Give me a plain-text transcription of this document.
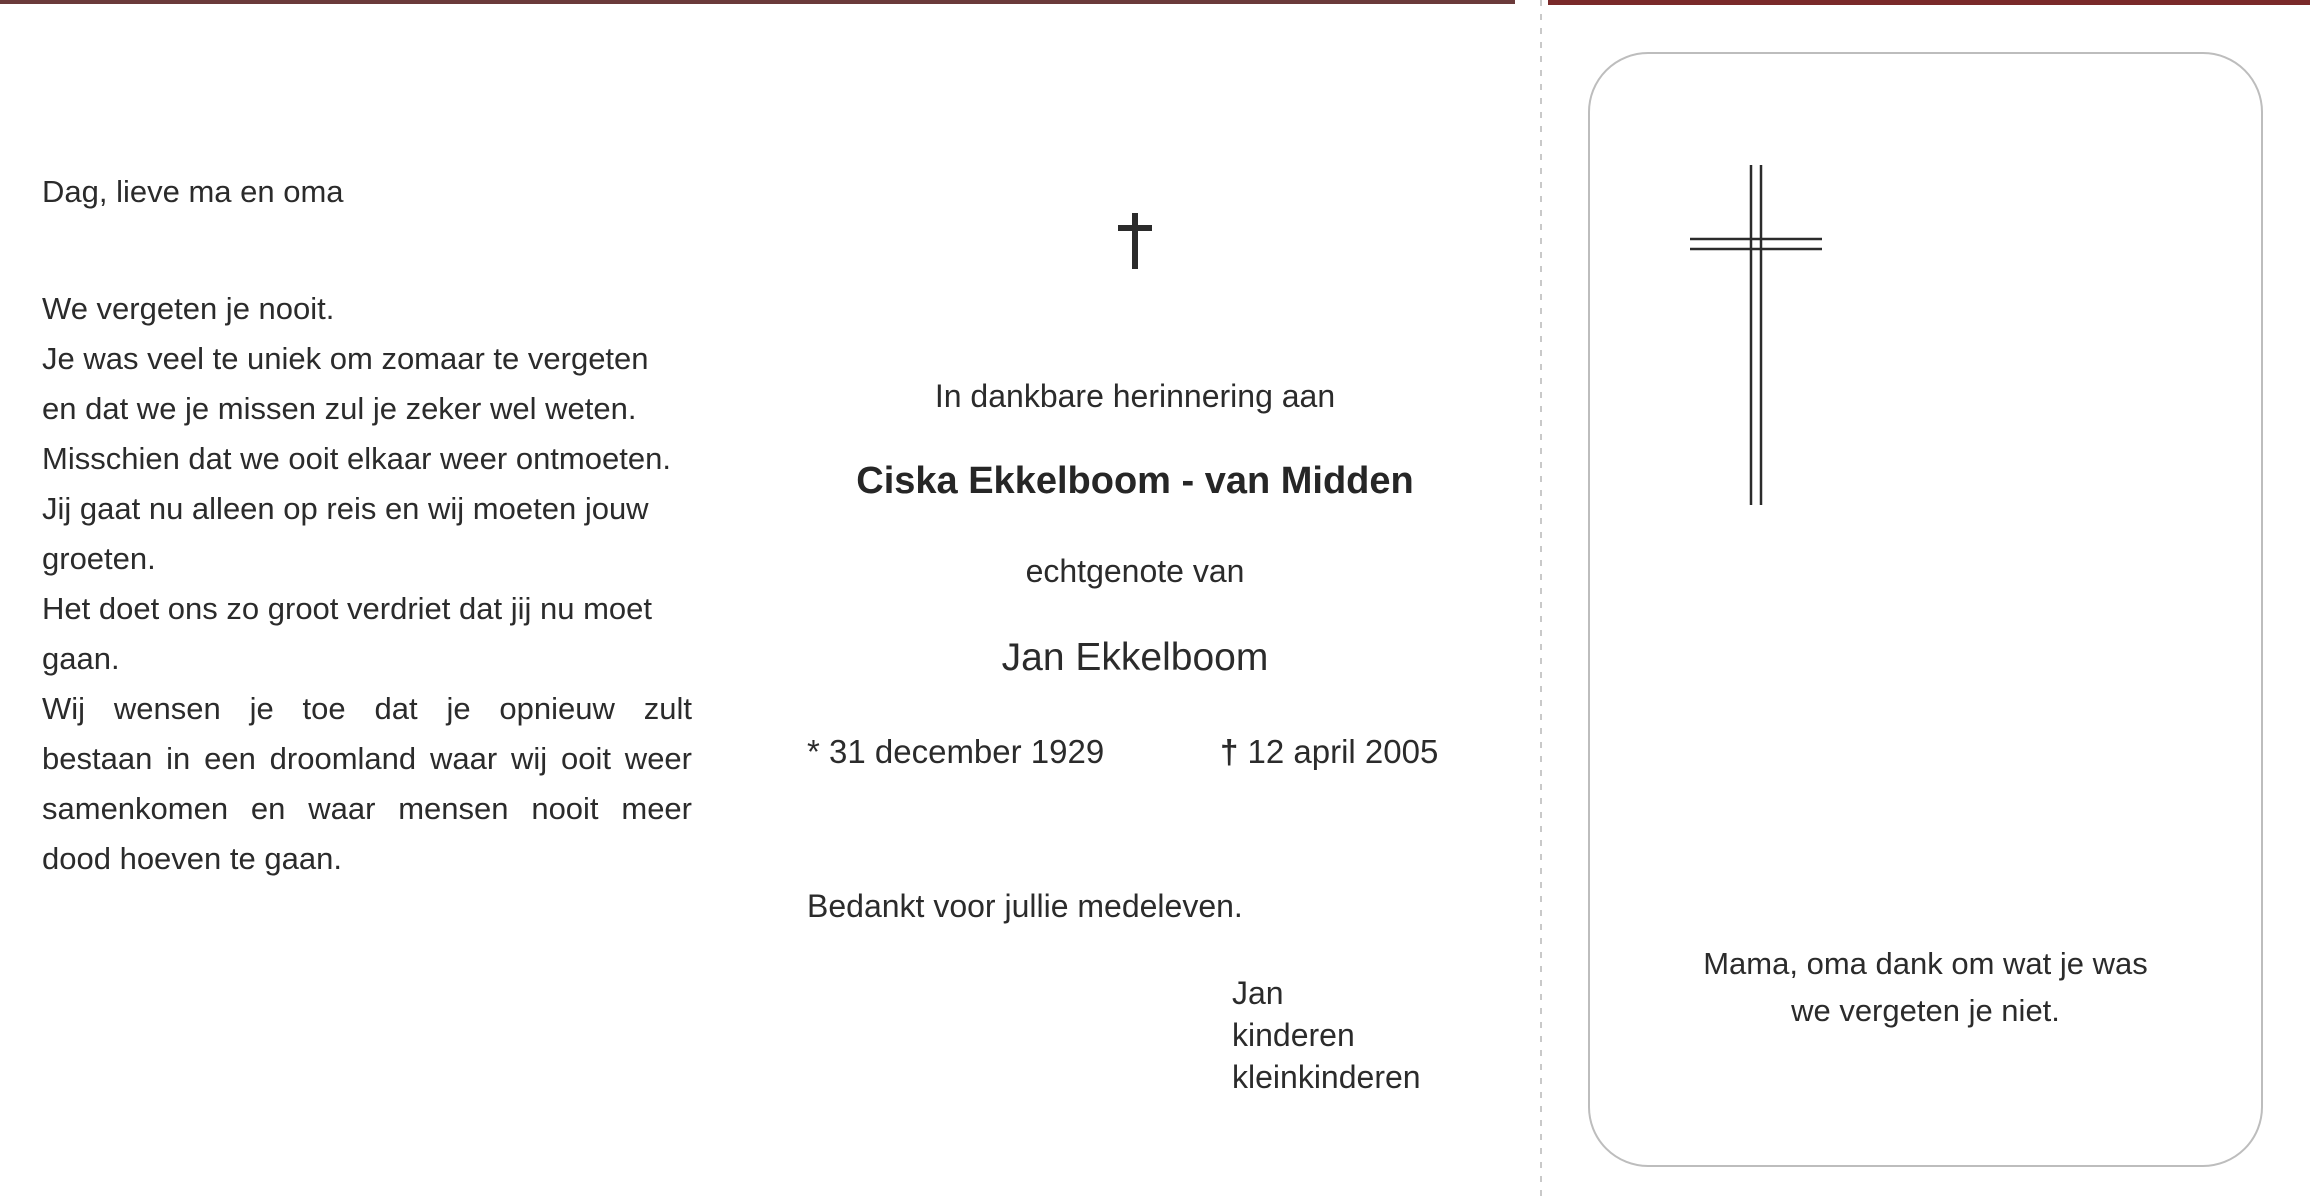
Dag, lieve ma en oma
We vergeten je nooit.
Je was veel te uniek om zomaar te vergeten
en dat we je missen zul je zeker wel weten.
Misschien dat we ooit elkaar weer ontmoeten.
Jij gaat nu alleen op reis en wij moeten jouw
groeten.
Het doet ons zo groot verdriet dat jij nu moet
gaan.
Wij wensen je toe dat je opnieuw zult
bestaan in een droomland waar wij ooit weer
samenkomen en waar mensen nooit meer
dood hoeven te gaan.
In dankbare herinnering aan
Ciska Ekkelboom - van Midden
echtgenote van
Jan Ekkelboom
* 31 december 1929	† 12 april 2005
Bedankt voor jullie medeleven.
Jan
kinderen
kleinkinderen
Mama, oma dank om wat je was
we vergeten je niet.
